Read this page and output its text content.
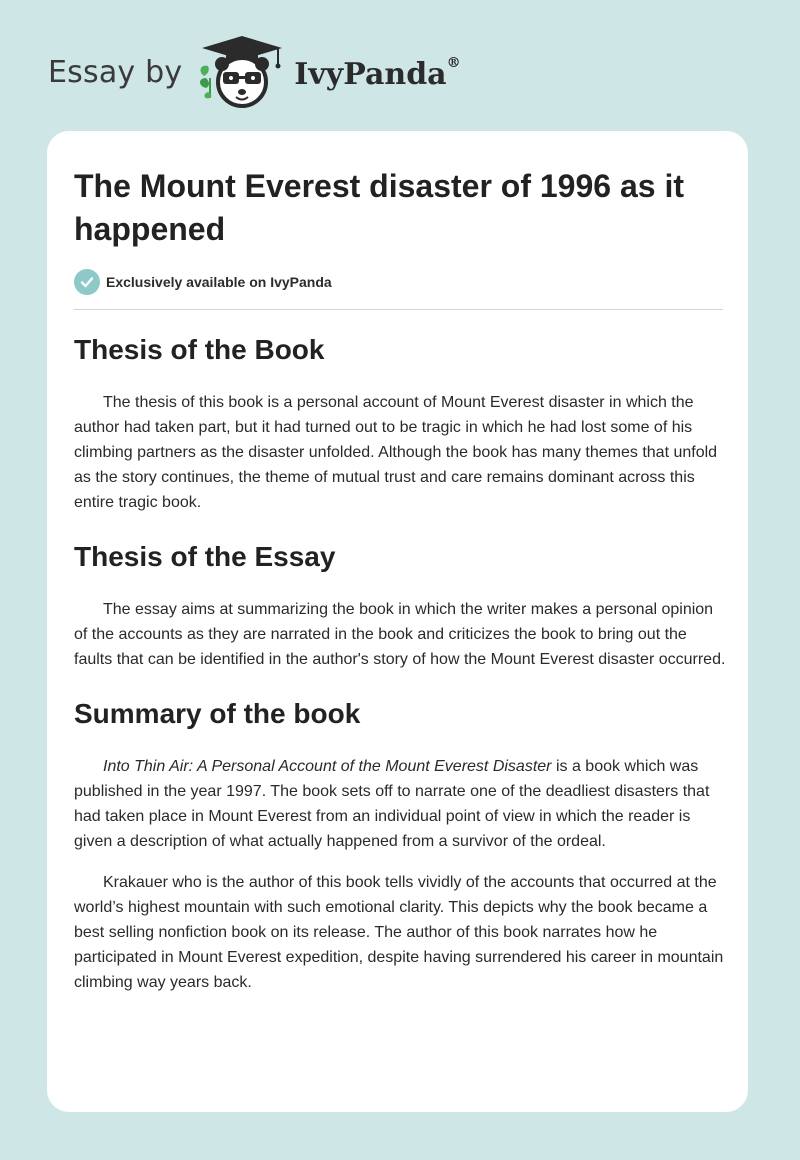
Essay by	IvyPanda®
The Mount Everest disaster of 1996 as it happened
Exclusively available on IvyPanda
Thesis of the Book

The thesis of this book is a personal account of Mount Everest disaster in which the author had taken part, but it had turned out to be tragic in which he had lost some of his climbing partners as the disaster unfolded. Although the book has many themes that unfold as the story continues, the theme of mutual trust and care remains dominant across this entire tragic book.

Thesis of the Essay

The essay aims at summarizing the book in which the writer makes a personal opinion of the accounts as they are narrated in the book and criticizes the book to bring out the faults that can be identified in the author's story of how the Mount Everest disaster occurred.

Summary of the book

Into Thin Air: A Personal Account of the Mount Everest Disaster is a book which was published in the year 1997. The book sets off to narrate one of the deadliest disasters that had taken place in Mount Everest from an individual point of view in which the reader is given a description of what actually happened from a survivor of the ordeal.

Krakauer who is the author of this book tells vividly of the accounts that occurred at the world’s highest mountain with such emotional clarity. This depicts why the book became a best selling nonfiction book on its release. The author of this book narrates how he participated in Mount Everest expedition, despite having surrendered his career in mountain climbing way years back.
